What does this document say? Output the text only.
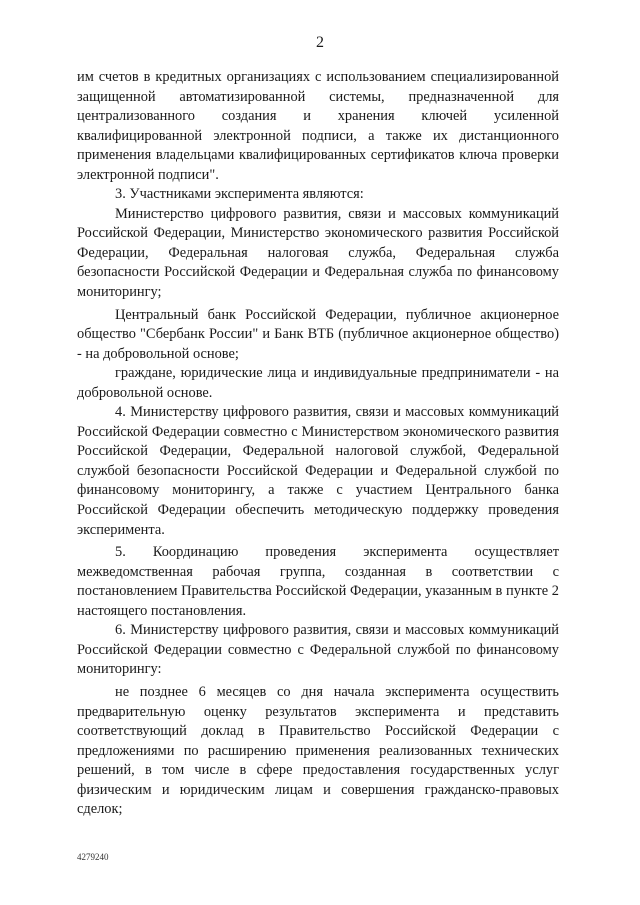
2

им счетов в кредитных организациях с использованием специализированной защищенной автоматизированной системы, предназначенной для централизованного создания и хранения ключей усиленной квалифицированной электронной подписи, а также их дистанционного применения владельцами квалифицированных сертификатов ключа проверки электронной подписи".

3. Участниками эксперимента являются:

Министерство цифрового развития, связи и массовых коммуникаций Российской Федерации, Министерство экономического развития Российской Федерации, Федеральная налоговая служба, Федеральная служба безопасности Российской Федерации и Федеральная служба по финансовому мониторингу;

Центральный банк Российской Федерации, публичное акционерное общество "Сбербанк России" и Банк ВТБ (публичное акционерное общество) - на добровольной основе;

граждане, юридические лица и индивидуальные предприниматели - на добровольной основе.

4. Министерству цифрового развития, связи и массовых коммуникаций Российской Федерации совместно с Министерством экономического развития Российской Федерации, Федеральной налоговой службой, Федеральной службой безопасности Российской Федерации и Федеральной службой по финансовому мониторингу, а также с участием Центрального банка Российской Федерации обеспечить методическую поддержку проведения эксперимента.

5. Координацию проведения эксперимента осуществляет межведомственная рабочая группа, созданная в соответствии с постановлением Правительства Российской Федерации, указанным в пункте 2 настоящего постановления.

6. Министерству цифрового развития, связи и массовых коммуникаций Российской Федерации совместно с Федеральной службой по финансовому мониторингу:

не позднее 6 месяцев со дня начала эксперимента осуществить предварительную оценку результатов эксперимента и представить соответствующий доклад в Правительство Российской Федерации с предложениями по расширению применения реализованных технических решений, в том числе в сфере предоставления государственных услуг физическим и юридическим лицам и совершения гражданско-правовых сделок;

4279240
